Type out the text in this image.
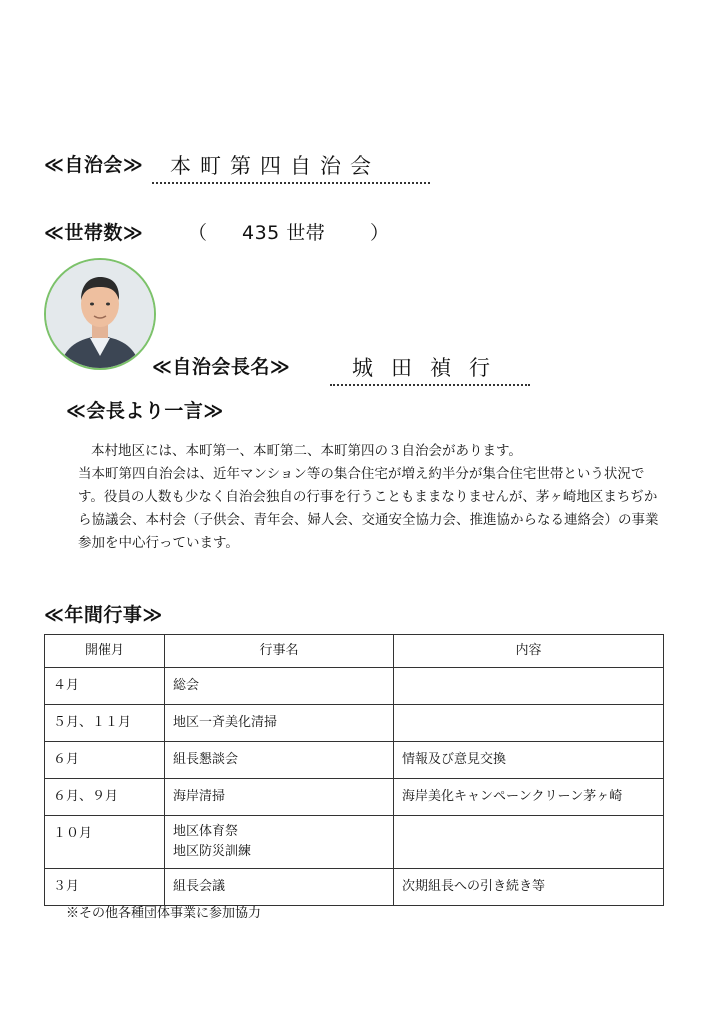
≪自治会≫	本町第四自治会
≪世帯数≫ （ 435 世帯 ）
≪自治会長名≫	城田禎行
≪会長より一言≫

本村地区には、本町第一、本町第二、本町第四の３自治会があります。

当本町第四自治会は、近年マンション等の集合住宅が増え約半分が集合住宅世帯という状況です。役員の人数も少なく自治会独自の行事を行うこともままなりませんが、茅ヶ崎地区まちぢから協議会、本村会（子供会、青年会、婦人会、交通安全協力会、推進協からなる連絡会）の事業参加を中心行っています。

≪年間行事≫
開催月	行事名	内容
４月	総会	
５月、１１月	地区一斉美化清掃	
６月	組長懇談会	情報及び意見交換
６月、９月	海岸清掃	海岸美化キャンペーンクリーン茅ヶ崎
１０月	地区体育祭
地区防災訓練	
３月	組長会議	次期組長への引き続き等
※その他各種団体事業に参加協力
